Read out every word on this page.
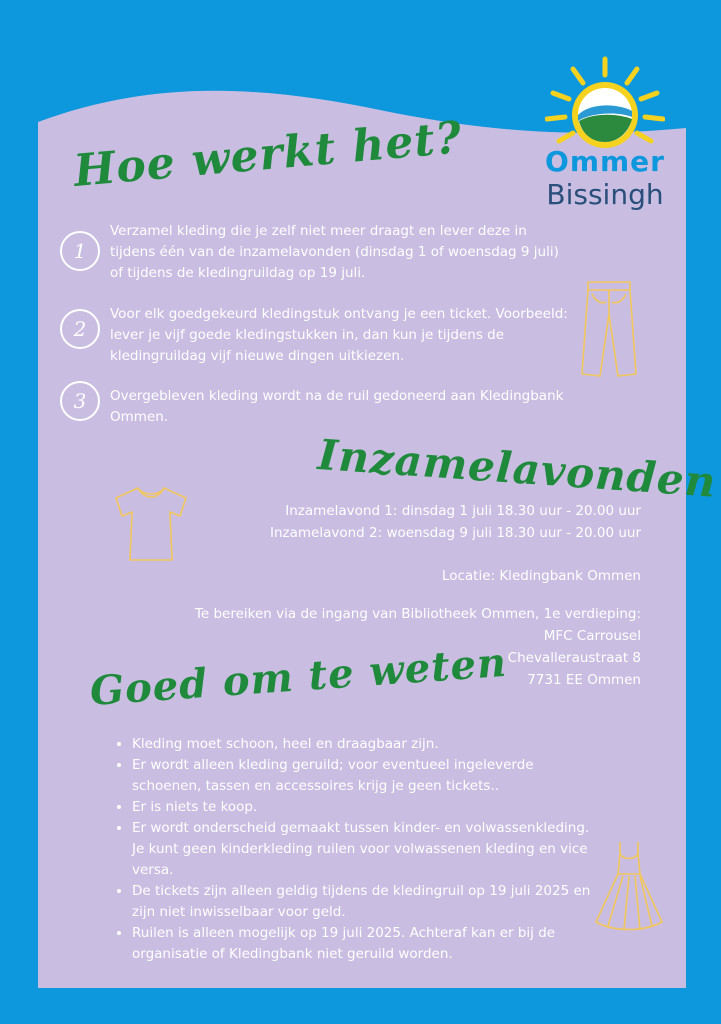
Ommer
Bissingh
Hoe werkt het?
1
Verzamel kleding die je zelf niet meer draagt en lever deze in tijdens één van de inzamelavonden (dinsdag 1 of woensdag 9 juli) of tijdens de kledingruildag op 19 juli.
2
Voor elk goedgekeurd kledingstuk ontvang je een ticket. Voorbeeld: lever je vijf goede kledingstukken in, dan kun je tijdens de kledingruildag vijf nieuwe dingen uitkiezen.
3	Overgebleven kleding wordt na de ruil gedoneerd aan Kledingbank Ommen.
Inzamelavonden
Inzamelavond 1: dinsdag 1 juli 18.30 uur - 20.00 uur
Inzamelavond 2: woensdag 9 juli 18.30 uur - 20.00 uur
Locatie: Kledingbank Ommen
Te bereiken via de ingang van Bibliotheek Ommen, 1e verdieping:
MFC Carrousel
Chevalleraustraat 8
7731 EE Ommen
Goed om te weten
• Kleding moet schoon, heel en draagbaar zijn.
• Er wordt alleen kleding geruild; voor eventueel ingeleverde schoenen, tassen en accessoires krijg je geen tickets..
• Er is niets te koop.
• Er wordt onderscheid gemaakt tussen kinder- en volwassenkleding. Je kunt geen kinderkleding ruilen voor volwassenen kleding en vice versa.
• De tickets zijn alleen geldig tijdens de kledingruil op 19 juli 2025 en zijn niet inwisselbaar voor geld.
• Ruilen is alleen mogelijk op 19 juli 2025. Achteraf kan er bij de organisatie of Kledingbank niet geruild worden.
